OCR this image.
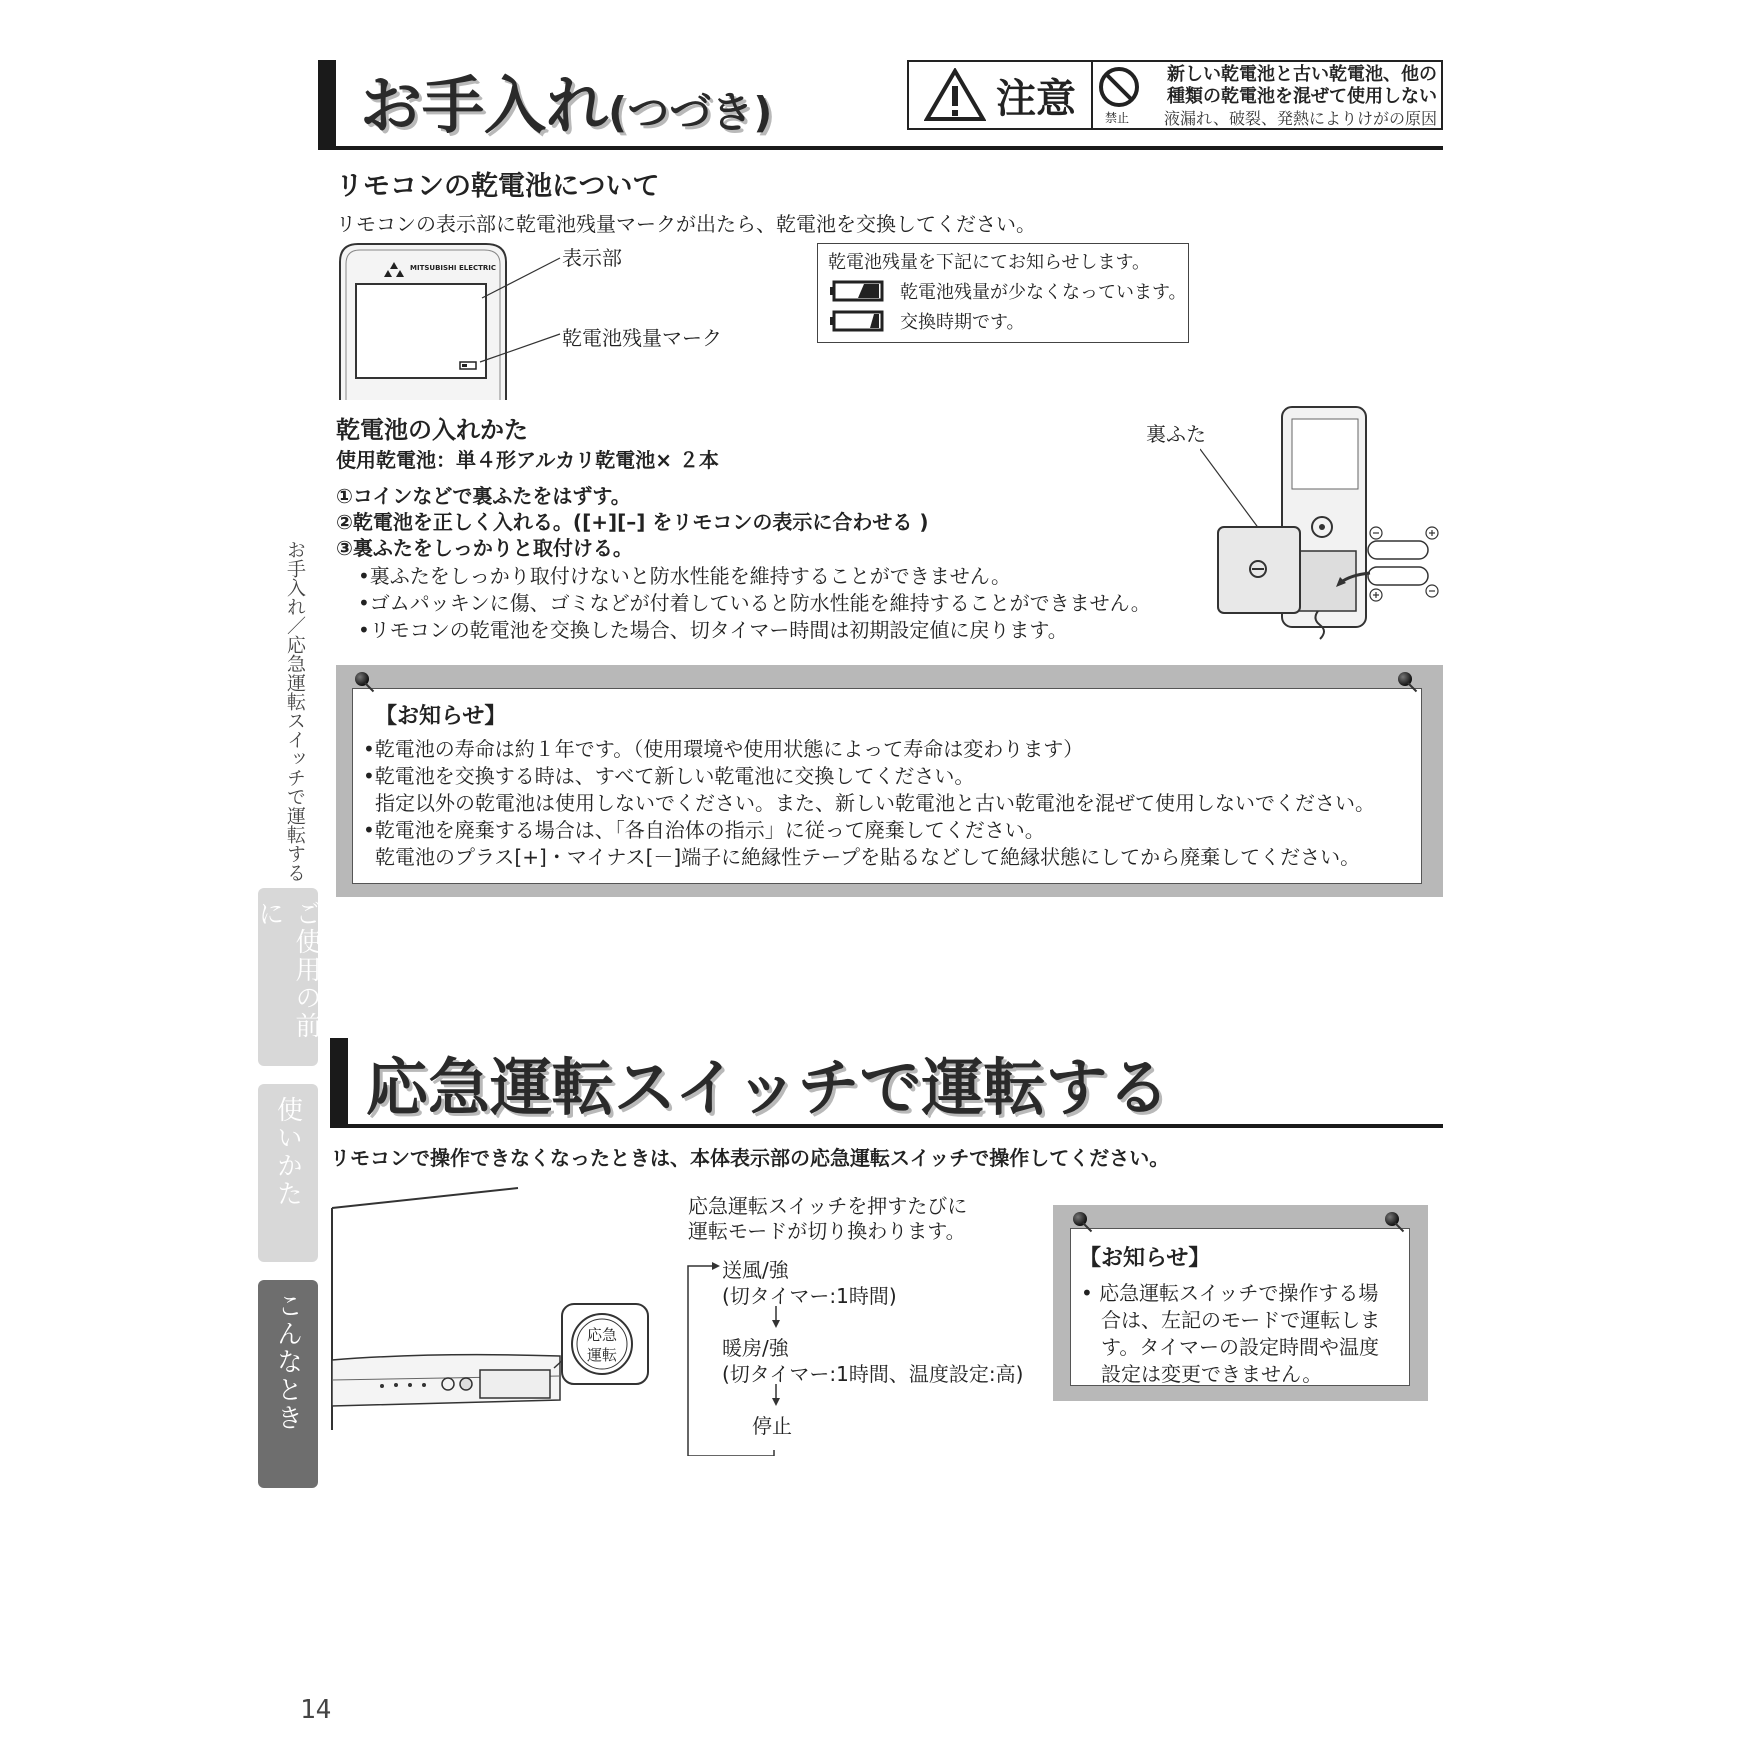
お手入れ(つづき)	注意 禁止
新しい乾電池と古い乾電池、他の
種類の乾電池を混ぜて使用しない
液漏れ、破裂、発熱によりけがの原因
リモコンの乾電池について
リモコンの表示部に乾電池残量マークが出たら、乾電池を交換してください。
MITSUBISHI ELECTRIC	表示部
乾電池残量マーク
乾電池残量を下記にてお知らせします。
乾電池残量が少なくなっています。
交換時期です。
乾電池の入れかた
使用乾電池：単４形アルカリ乾電池× ２本
①コインなどで裏ふたをはずす。
②乾電池を正しく入れる。([+][–] をリモコンの表示に合わせる )
③裏ふたをしっかりと取付ける。
•裏ふたをしっかり取付けないと防水性能を維持することができません。
•ゴムパッキンに傷、ゴミなどが付着していると防水性能を維持することができません。
•リモコンの乾電池を交換した場合、切タイマー時間は初期設定値に戻ります。
裏ふた
【お知らせ】
•乾電池の寿命は約１年です。（使用環境や使用状態によって寿命は変わります）
•乾電池を交換する時は、すべて新しい乾電池に交換してください。
指定以外の乾電池は使用しないでください。また、新しい乾電池と古い乾電池を混ぜて使用しないでください。
•乾電池を廃棄する場合は、「各自治体の指示」に従って廃棄してください。
乾電池のプラス[+]・マイナス[－]端子に絶縁性テープを貼るなどして絶縁状態にしてから廃棄してください。
お手入れ／応急運転スイッチで運転する
ご使用の前に
使いかた
こんなとき
応急運転スイッチで運転する
リモコンで操作できなくなったときは、本体表示部の応急運転スイッチで操作してください。
応急
運転
応急運転スイッチを押すたびに
運転モードが切り換わります。
送風/強
(切タイマー:1時間)
暖房/強
(切タイマー:1時間、温度設定:高)
停止
【お知らせ】
• 応急運転スイッチで操作する場
合は、左記のモードで運転しま
す。タイマーの設定時間や温度
設定は変更できません。
14
